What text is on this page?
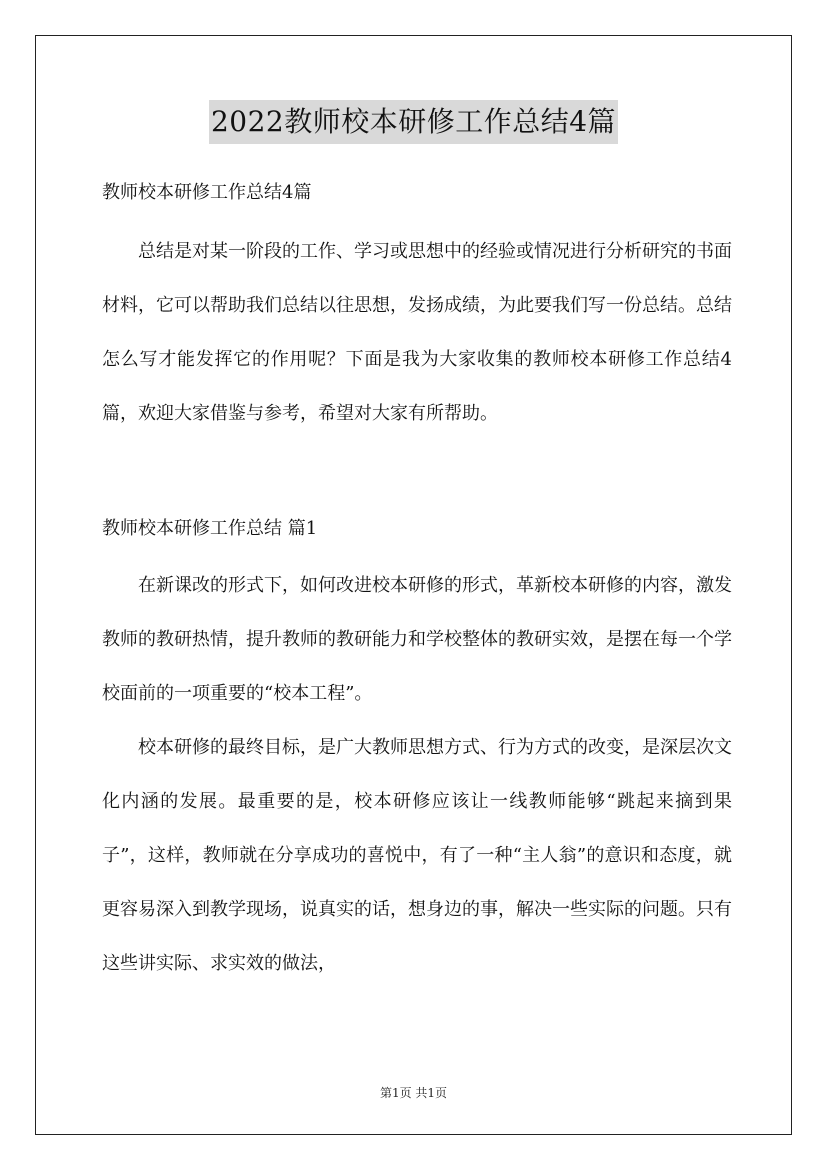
2022教师校本研修工作总结4篇

教师校本研修工作总结4篇

总结是对某一阶段的工作、学习或思想中的经验或情况进行分析研究的书面材料，它可以帮助我们总结以往思想，发扬成绩，为此要我们写一份总结。总结怎么写才能发挥它的作用呢？下面是我为大家收集的教师校本研修工作总结4篇，欢迎大家借鉴与参考，希望对大家有所帮助。

教师校本研修工作总结 篇1

在新课改的形式下，如何改进校本研修的形式，革新校本研修的内容，激发教师的教研热情，提升教师的教研能力和学校整体的教研实效，是摆在每一个学校面前的一项重要的“校本工程”。

校本研修的最终目标，是广大教师思想方式、行为方式的改变，是深层次文化内涵的发展。最重要的是，校本研修应该让一线教师能够“跳起来摘到果子”，这样，教师就在分享成功的喜悦中，有了一种“主人翁”的意识和态度，就更容易深入到教学现场，说真实的话，想身边的事，解决一些实际的问题。只有这些讲实际、求实效的做法，

第1页 共1页
